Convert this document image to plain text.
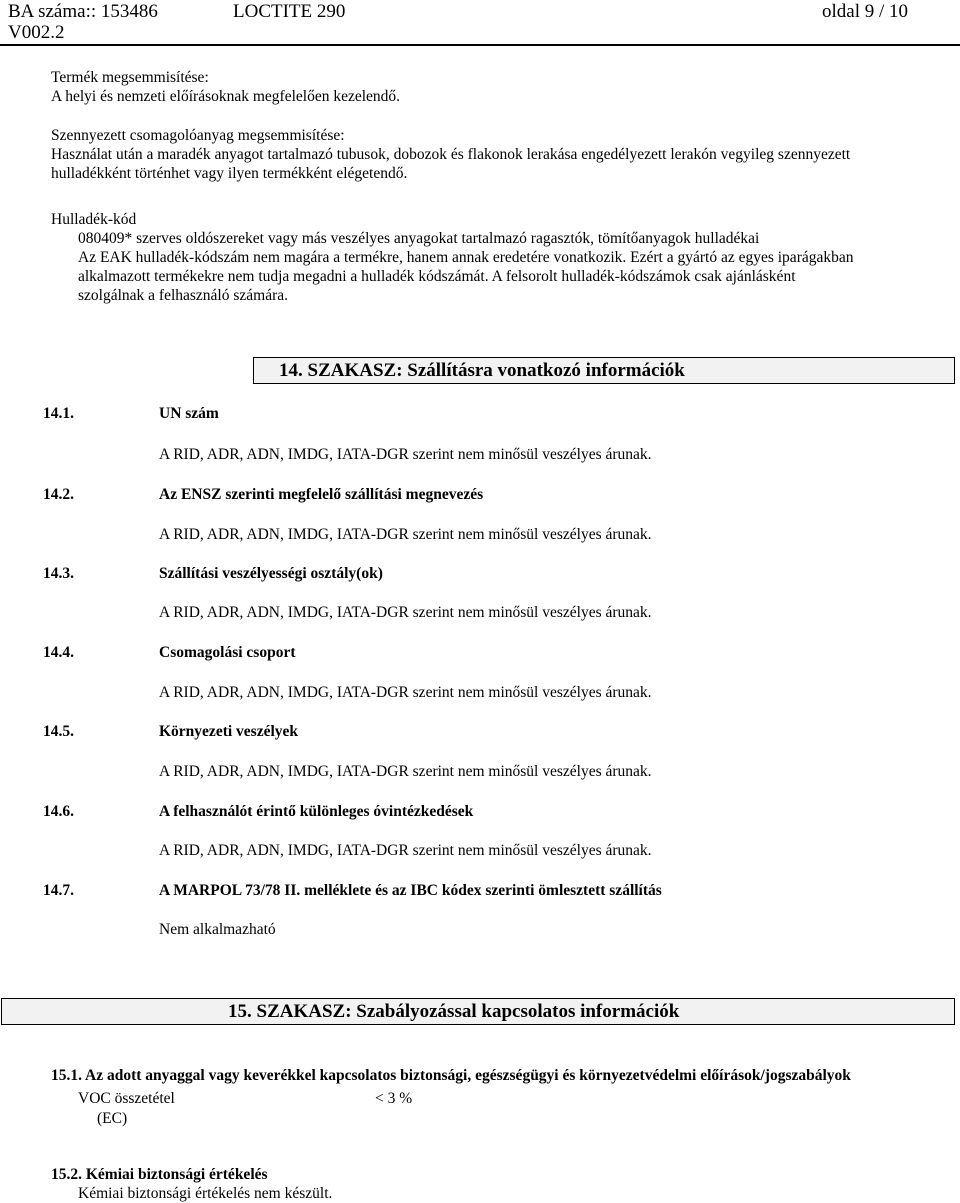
BA száma:: 153486	LOCTITE 290	oldal 9 / 10
V002.2
Termék megsemmisítése:
A helyi és nemzeti előírásoknak megfelelően kezelendő.
Szennyezett csomagolóanyag megsemmisítése:
Használat után a maradék anyagot tartalmazó tubusok, dobozok és flakonok lerakása engedélyezett lerakón vegyileg szennyezett
hulladékként történhet vagy ilyen termékként elégetendő.
Hulladék-kód
080409* szerves oldószereket vagy más veszélyes anyagokat tartalmazó ragasztók, tömítőanyagok hulladékai
Az EAK hulladék-kódszám nem magára a termékre, hanem annak eredetére vonatkozik. Ezért a gyártó az egyes iparágakban
alkalmazott termékekre nem tudja megadni a hulladék kódszámát. A felsorolt hulladék-kódszámok csak ajánlásként
szolgálnak a felhasználó számára.
14. SZAKASZ: Szállításra vonatkozó információk
14.1.	UN szám
A RID, ADR, ADN, IMDG, IATA-DGR szerint nem minősül veszélyes árunak.
14.2.	Az ENSZ szerinti megfelelő szállítási megnevezés
A RID, ADR, ADN, IMDG, IATA-DGR szerint nem minősül veszélyes árunak.
14.3.	Szállítási veszélyességi osztály(ok)
A RID, ADR, ADN, IMDG, IATA-DGR szerint nem minősül veszélyes árunak.
14.4.	Csomagolási csoport
A RID, ADR, ADN, IMDG, IATA-DGR szerint nem minősül veszélyes árunak.
14.5.	Környezeti veszélyek
A RID, ADR, ADN, IMDG, IATA-DGR szerint nem minősül veszélyes árunak.
14.6.	A felhasználót érintő különleges óvintézkedések
A RID, ADR, ADN, IMDG, IATA-DGR szerint nem minősül veszélyes árunak.
14.7.	A MARPOL 73/78 II. melléklete és az IBC kódex szerinti ömlesztett szállítás
Nem alkalmazható
15. SZAKASZ: Szabályozással kapcsolatos információk
15.1. Az adott anyaggal vagy keverékkel kapcsolatos biztonsági, egészségügyi és környezetvédelmi előírások/jogszabályok
VOC összetétel	< 3 %
(EC)
15.2. Kémiai biztonsági értékelés
Kémiai biztonsági értékelés nem készült.
